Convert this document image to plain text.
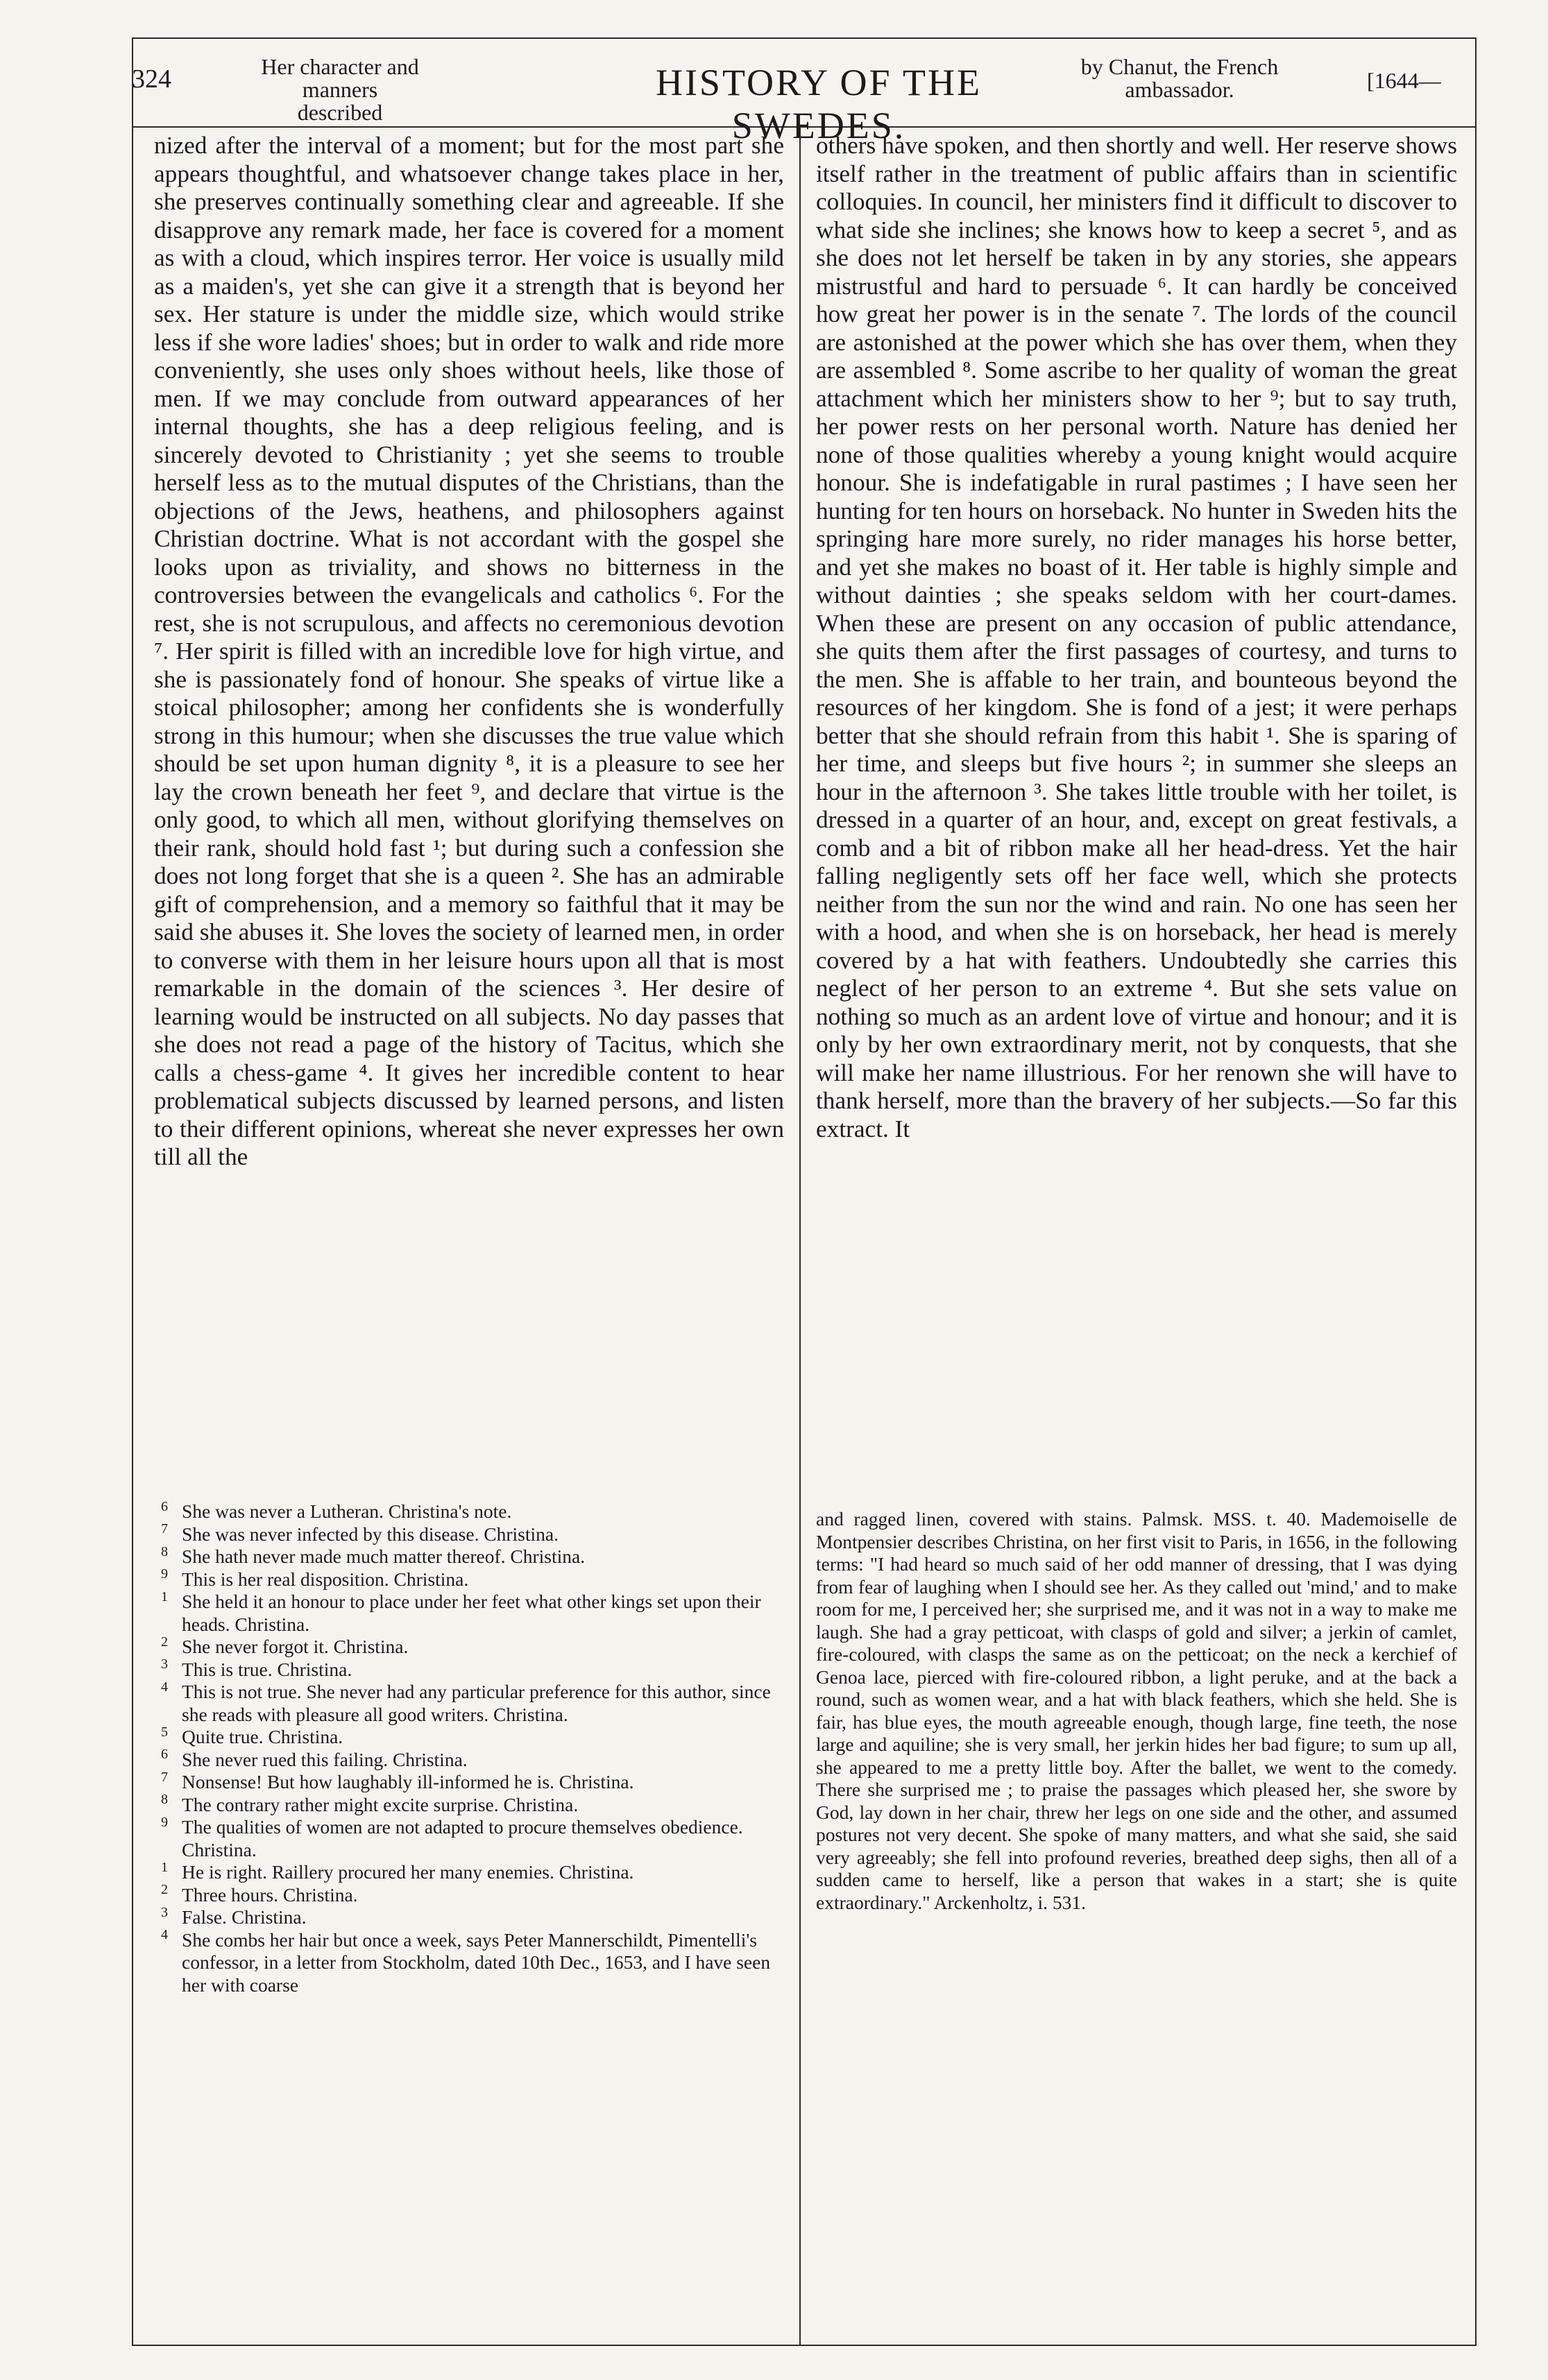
324	Her character and manners
described
HISTORY OF THE SWEDES.
by Chanut, the French
ambassador.	[1644—

nized after the interval of a moment; but for the most part she appears thoughtful, and whatsoever change takes place in her, she preserves continually something clear and agreeable. If she disapprove any remark made, her face is covered for a moment as with a cloud, which inspires terror. Her voice is usually mild as a maiden's, yet she can give it a strength that is beyond her sex. Her stature is under the middle size, which would strike less if she wore ladies' shoes; but in order to walk and ride more conveniently, she uses only shoes without heels, like those of men. If we may conclude from outward appearances of her internal thoughts, she has a deep religious feeling, and is sincerely devoted to Christianity ; yet she seems to trouble herself less as to the mutual disputes of the Christians, than the objections of the Jews, heathens, and philosophers against Christian doctrine. What is not accordant with the gospel she looks upon as triviality, and shows no bitterness in the controversies between the evangelicals and catholics ⁶. For the rest, she is not scrupulous, and affects no ceremonious devotion ⁷. Her spirit is filled with an incredible love for high virtue, and she is passionately fond of honour. She speaks of virtue like a stoical philosopher; among her confidents she is wonderfully strong in this humour; when she discusses the true value which should be set upon human dignity ⁸, it is a pleasure to see her lay the crown beneath her feet ⁹, and declare that virtue is the only good, to which all men, without glorifying themselves on their rank, should hold fast ¹; but during such a confession she does not long forget that she is a queen ². She has an admirable gift of comprehension, and a memory so faithful that it may be said she abuses it. She loves the society of learned men, in order to converse with them in her leisure hours upon all that is most remarkable in the domain of the sciences ³. Her desire of learning would be instructed on all subjects. No day passes that she does not read a page of the history of Tacitus, which she calls a chess-game ⁴. It gives her incredible content to hear problematical subjects discussed by learned persons, and listen to their different opinions, whereat she never expresses her own till all the

others have spoken, and then shortly and well. Her reserve shows itself rather in the treatment of public affairs than in scientific colloquies. In council, her ministers find it difficult to discover to what side she inclines; she knows how to keep a secret ⁵, and as she does not let herself be taken in by any stories, she appears mistrustful and hard to persuade ⁶. It can hardly be conceived how great her power is in the senate ⁷. The lords of the council are astonished at the power which she has over them, when they are assembled ⁸. Some ascribe to her quality of woman the great attachment which her ministers show to her ⁹; but to say truth, her power rests on her personal worth. Nature has denied her none of those qualities whereby a young knight would acquire honour. She is indefatigable in rural pastimes ; I have seen her hunting for ten hours on horseback. No hunter in Sweden hits the springing hare more surely, no rider manages his horse better, and yet she makes no boast of it. Her table is highly simple and without dainties ; she speaks seldom with her court-dames. When these are present on any occasion of public attendance, she quits them after the first passages of courtesy, and turns to the men. She is affable to her train, and bounteous beyond the resources of her kingdom. She is fond of a jest; it were perhaps better that she should refrain from this habit ¹. She is sparing of her time, and sleeps but five hours ²; in summer she sleeps an hour in the afternoon ³. She takes little trouble with her toilet, is dressed in a quarter of an hour, and, except on great festivals, a comb and a bit of ribbon make all her head-dress. Yet the hair falling negligently sets off her face well, which she protects neither from the sun nor the wind and rain. No one has seen her with a hood, and when she is on horseback, her head is merely covered by a hat with feathers. Undoubtedly she carries this neglect of her person to an extreme ⁴. But she sets value on nothing so much as an ardent love of virtue and honour; and it is only by her own extraordinary merit, not by conquests, that she will make her name illustrious. For her renown she will have to thank herself, more than the bravery of her subjects.—So far this extract. It

6 She was never a Lutheran. Christina's note.

7 She was never infected by this disease. Christina.

8 She hath never made much matter thereof. Christina.

9 This is her real disposition. Christina.

1 She held it an honour to place under her feet what other kings set upon their heads. Christina.

2 She never forgot it. Christina.

3 This is true. Christina.

4 This is not true. She never had any particular preference for this author, since she reads with pleasure all good writers. Christina.

5 Quite true. Christina.

6 She never rued this failing. Christina.

7 Nonsense! But how laughably ill-informed he is. Christina.

8 The contrary rather might excite surprise. Christina.

9 The qualities of women are not adapted to procure themselves obedience. Christina.

1 He is right. Raillery procured her many enemies. Christina.

2 Three hours. Christina.

3 False. Christina.

4 She combs her hair but once a week, says Peter Mannerschildt, Pimentelli's confessor, in a letter from Stockholm, dated 10th Dec., 1653, and I have seen her with coarse

and ragged linen, covered with stains. Palmsk. MSS. t. 40. Mademoiselle de Montpensier describes Christina, on her first visit to Paris, in 1656, in the following terms: "I had heard so much said of her odd manner of dressing, that I was dying from fear of laughing when I should see her. As they called out 'mind,' and to make room for me, I perceived her; she surprised me, and it was not in a way to make me laugh. She had a gray petticoat, with clasps of gold and silver; a jerkin of camlet, fire-coloured, with clasps the same as on the petticoat; on the neck a kerchief of Genoa lace, pierced with fire-coloured ribbon, a light peruke, and at the back a round, such as women wear, and a hat with black feathers, which she held. She is fair, has blue eyes, the mouth agreeable enough, though large, fine teeth, the nose large and aquiline; she is very small, her jerkin hides her bad figure; to sum up all, she appeared to me a pretty little boy. After the ballet, we went to the comedy. There she surprised me ; to praise the passages which pleased her, she swore by God, lay down in her chair, threw her legs on one side and the other, and assumed postures not very decent. She spoke of many matters, and what she said, she said very agreeably; she fell into profound reveries, breathed deep sighs, then all of a sudden came to herself, like a person that wakes in a start; she is quite extraordinary." Arckenholtz, i. 531.
